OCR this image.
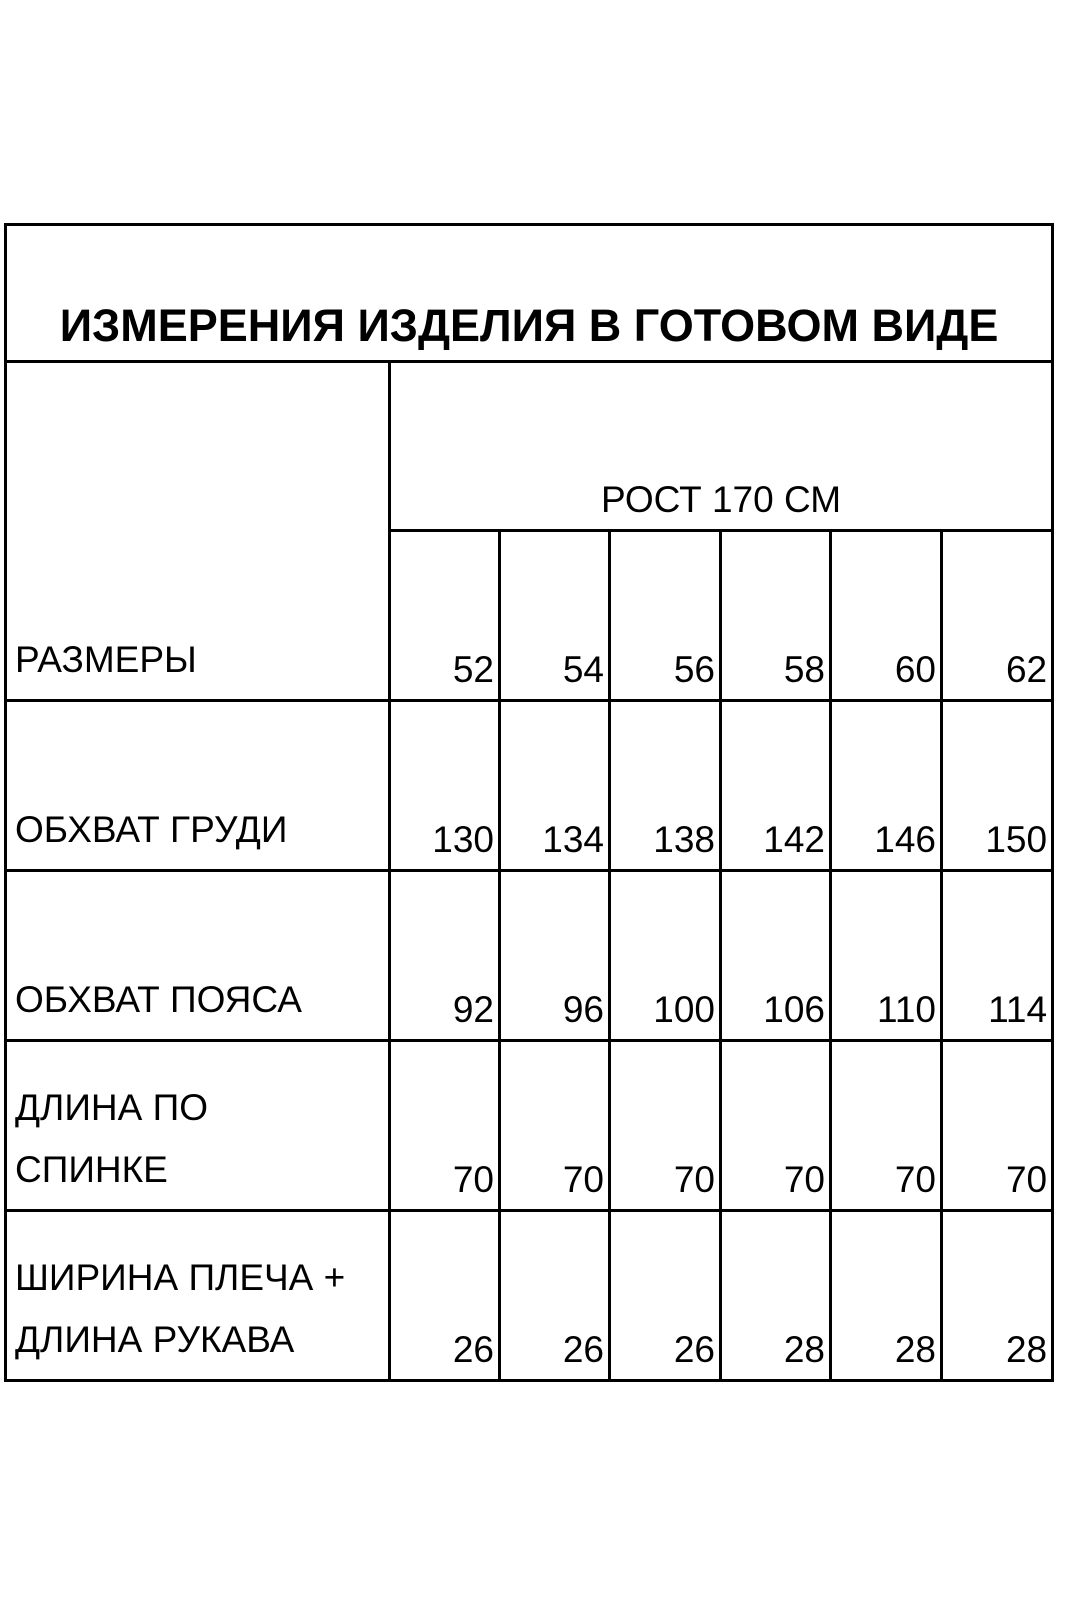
ИЗМЕРЕНИЯ ИЗДЕЛИЯ В ГОТОВОМ ВИДЕ						

РАЗМЕРЫ	РОСТ 170 СМ					
	52	54	56	58	60	62

ОБХВАТ ГРУДИ	130	134	138	142	146	150

ОБХВАТ ПОЯСА	92	96	100	106	110	114

ДЛИНА ПО
СПИНКЕ	70	70	70	70	70	70

ШИРИНА ПЛЕЧА +
ДЛИНА РУКАВА	26	26	26	28	28	28
